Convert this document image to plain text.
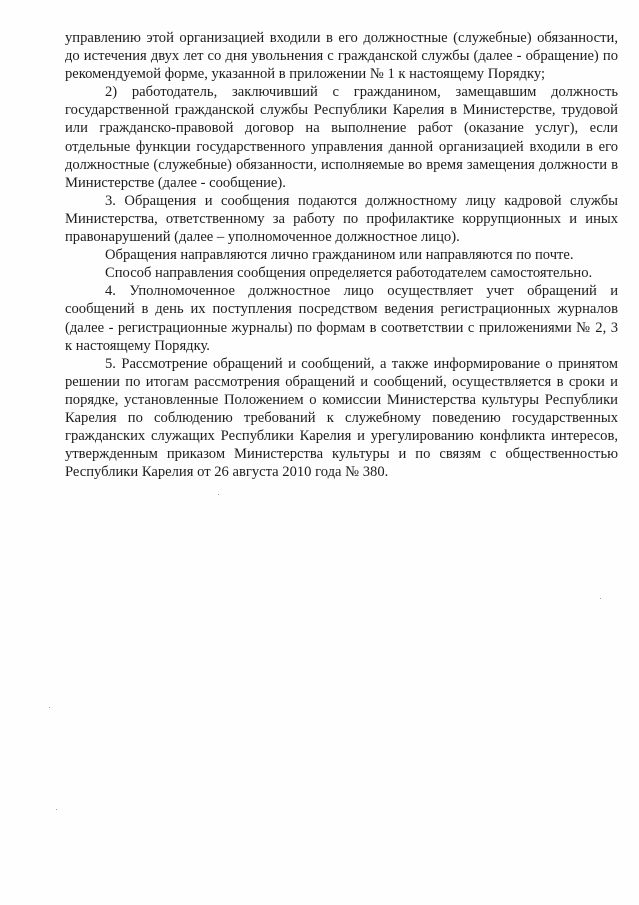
управлению этой организацией входили в его должностные (служебные) обязанности, до истечения двух лет со дня увольнения с гражданской службы (далее - обращение) по рекомендуемой форме, указанной в приложении № 1 к настоящему Порядку;

2) работодатель, заключивший с гражданином, замещавшим должность государственной гражданской службы Республики Карелия в Министерстве, трудовой или гражданско-правовой договор на выполнение работ (оказание услуг), если отдельные функции государственного управления данной организацией входили в его должностные (служебные) обязанности, исполняемые во время замещения должности в Министерстве (далее - сообщение).

3. Обращения и сообщения подаются должностному лицу кадровой службы Министерства, ответственному за работу по профилактике коррупционных и иных правонарушений (далее – уполномоченное должностное лицо).

Обращения направляются лично гражданином или направляются по почте.

Способ направления сообщения определяется работодателем самостоятельно.

4. Уполномоченное должностное лицо осуществляет учет обращений и сообщений в день их поступления посредством ведения регистрационных журналов (далее - регистрационные журналы) по формам в соответствии с приложениями № 2, 3 к настоящему Порядку.

5. Рассмотрение обращений и сообщений, а также информирование о принятом решении по итогам рассмотрения обращений и сообщений, осуществляется в сроки и порядке, установленные Положением о комиссии Министерства культуры Республики Карелия по соблюдению требований к служебному поведению государственных гражданских служащих Республики Карелия и урегулированию конфликта интересов, утвержденным приказом Министерства культуры и по связям с общественностью Республики Карелия от 26 августа 2010 года № 380.
